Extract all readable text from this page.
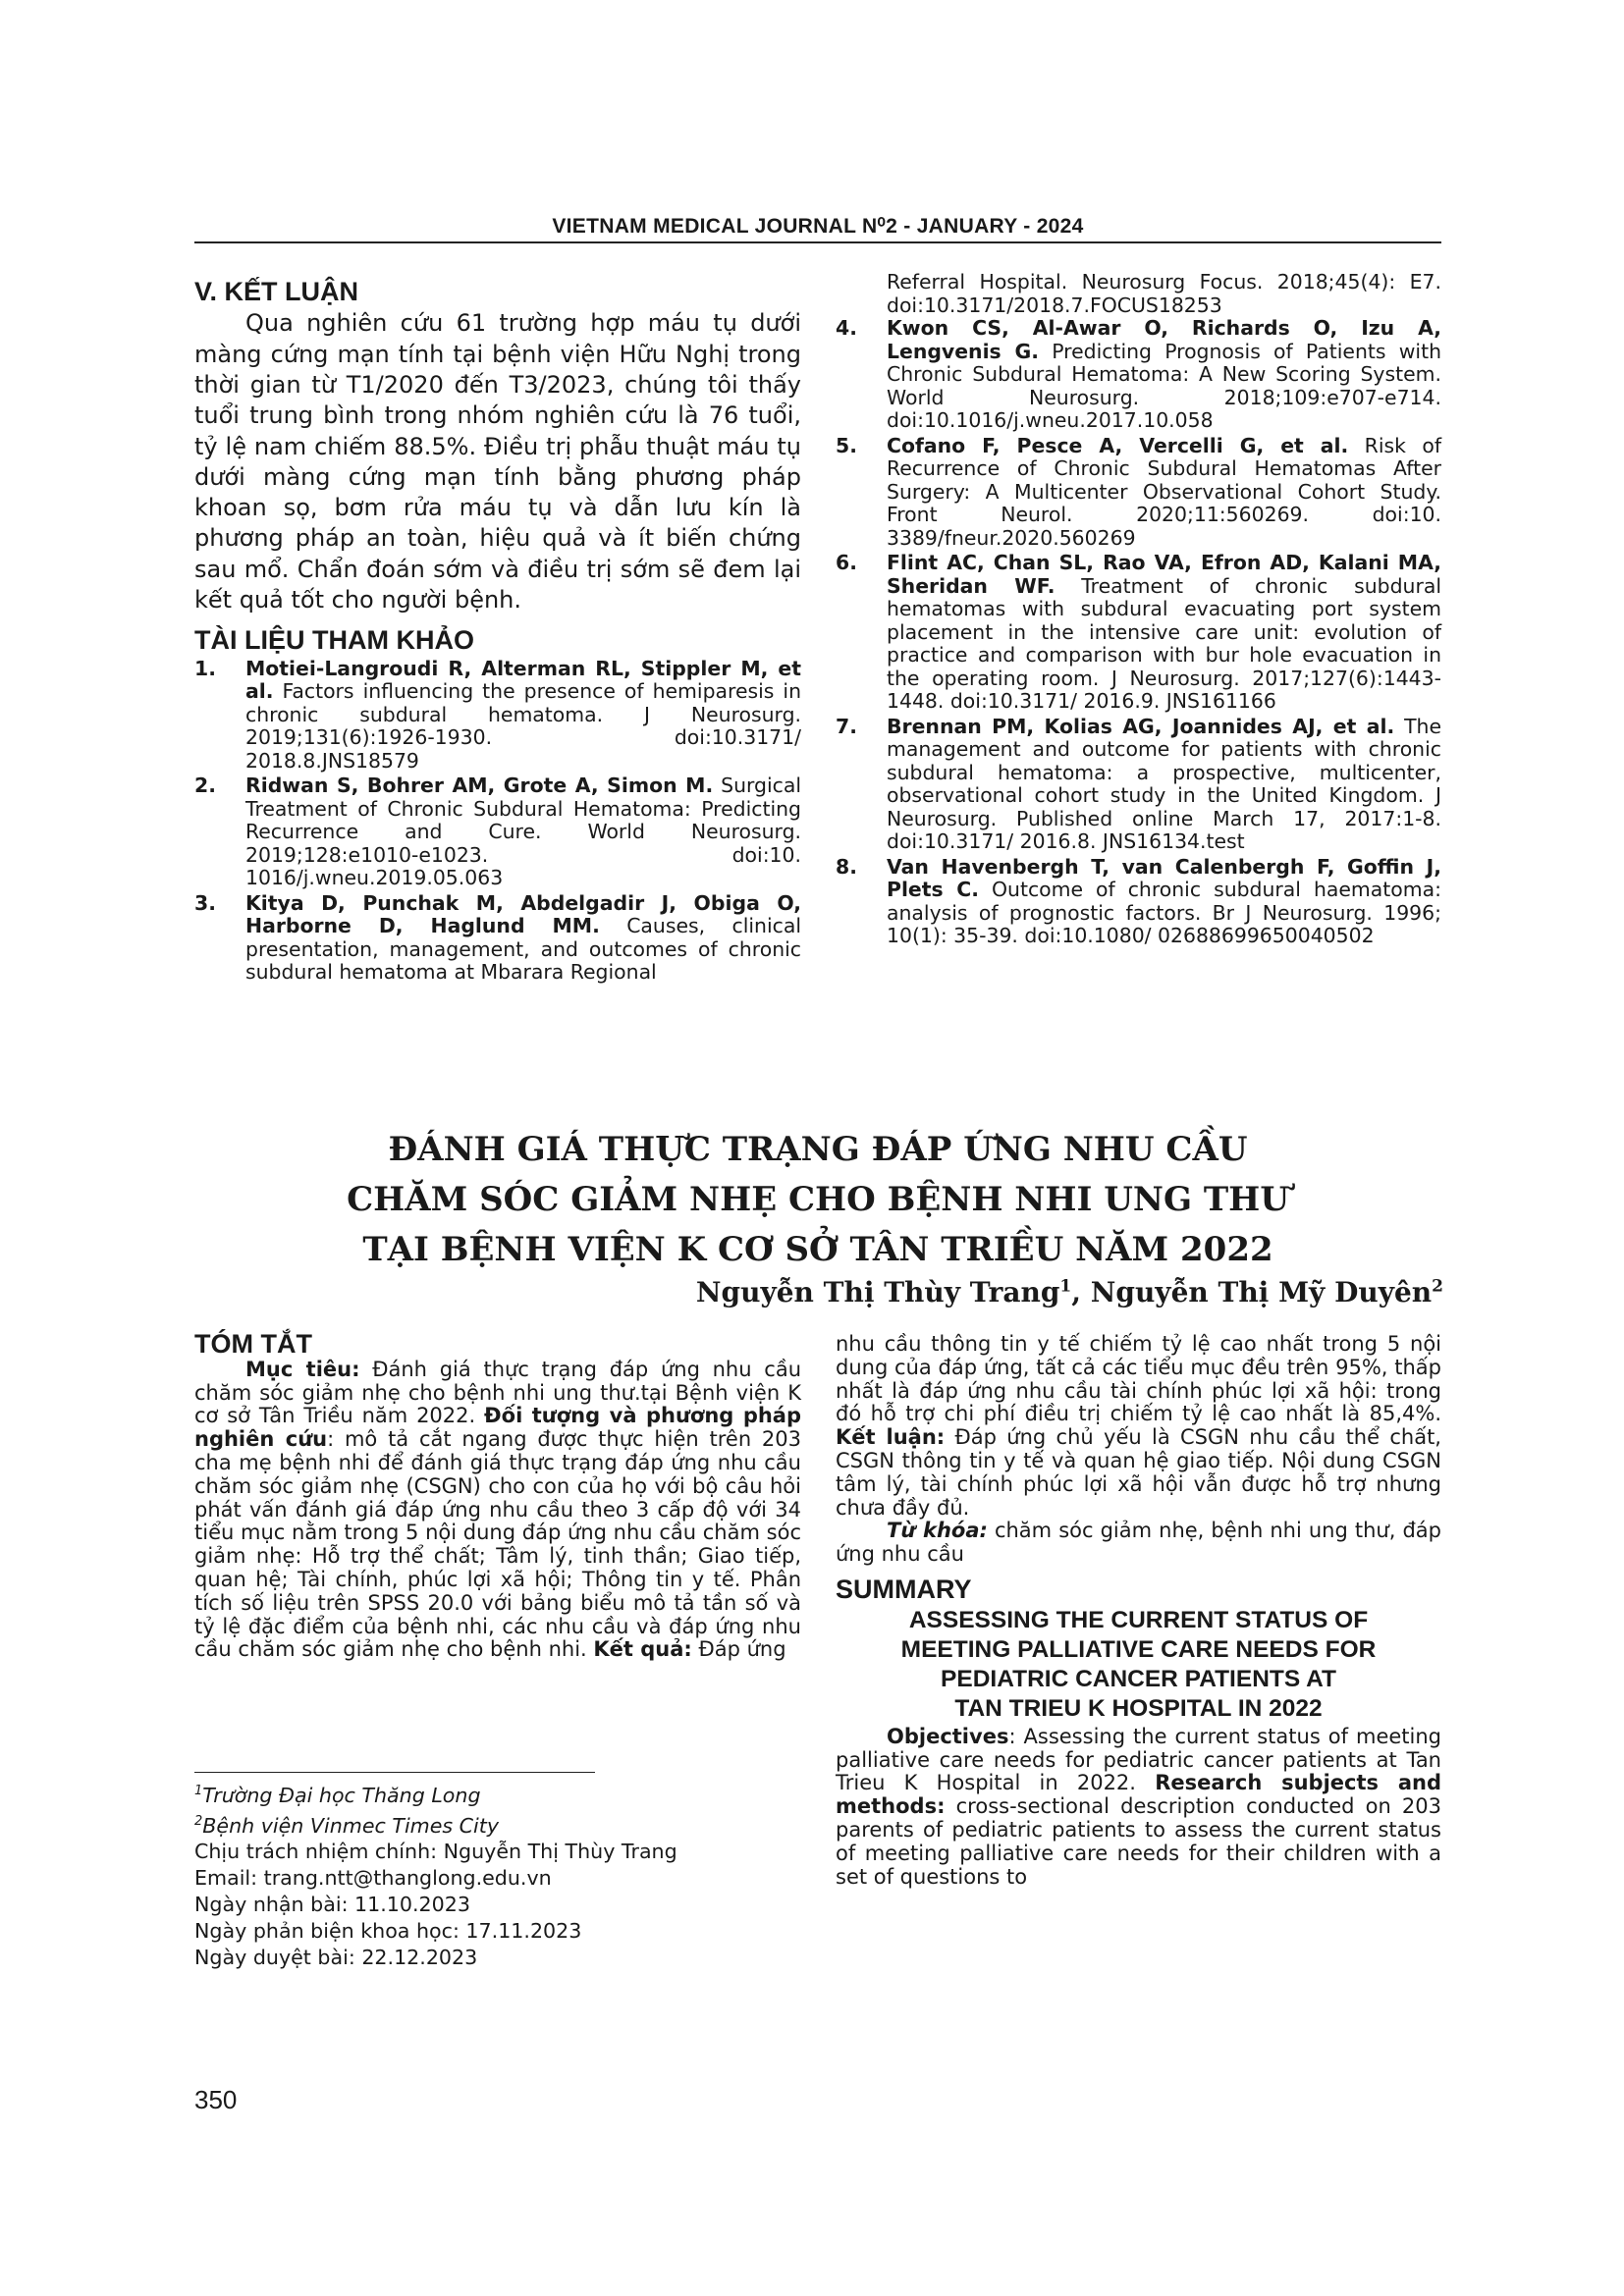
VIETNAM MEDICAL JOURNAL N⁰2 - JANUARY - 2024
V. KẾT LUẬN

Qua nghiên cứu 61 trường hợp máu tụ dưới màng cứng mạn tính tại bệnh viện Hữu Nghị trong thời gian từ T1/2020 đến T3/2023, chúng tôi thấy tuổi trung bình trong nhóm nghiên cứu là 76 tuổi, tỷ lệ nam chiếm 88.5%. Điều trị phẫu thuật máu tụ dưới màng cứng mạn tính bằng phương pháp khoan sọ, bơm rửa máu tụ và dẫn lưu kín là phương pháp an toàn, hiệu quả và ít biến chứng sau mổ. Chẩn đoán sớm và điều trị sớm sẽ đem lại kết quả tốt cho người bệnh.

TÀI LIỆU THAM KHẢO
1. Motiei-Langroudi R, Alterman RL, Stippler M, et al. Factors influencing the presence of hemiparesis in chronic subdural hematoma. J Neurosurg. 2019;131(6):1926-1930. doi:10.3171/ 2018.8.JNS18579
2. Ridwan S, Bohrer AM, Grote A, Simon M. Surgical Treatment of Chronic Subdural Hematoma: Predicting Recurrence and Cure. World Neurosurg. 2019;128:e1010-e1023. doi:10. 1016/j.wneu.2019.05.063
3. Kitya D, Punchak M, Abdelgadir J, Obiga O, Harborne D, Haglund MM. Causes, clinical presentation, management, and outcomes of chronic subdural hematoma at Mbarara Regional
Referral Hospital. Neurosurg Focus. 2018;45(4): E7. doi:10.3171/2018.7.FOCUS18253
4. Kwon CS, Al-Awar O, Richards O, Izu A, Lengvenis G. Predicting Prognosis of Patients with Chronic Subdural Hematoma: A New Scoring System. World Neurosurg. 2018;109:e707-e714. doi:10.1016/j.wneu.2017.10.058
5. Cofano F, Pesce A, Vercelli G, et al. Risk of Recurrence of Chronic Subdural Hematomas After Surgery: A Multicenter Observational Cohort Study. Front Neurol. 2020;11:560269. doi:10. 3389/fneur.2020.560269
6. Flint AC, Chan SL, Rao VA, Efron AD, Kalani MA, Sheridan WF. Treatment of chronic subdural hematomas with subdural evacuating port system placement in the intensive care unit: evolution of practice and comparison with bur hole evacuation in the operating room. J Neurosurg. 2017;127(6):1443-1448. doi:10.3171/ 2016.9. JNS161166
7. Brennan PM, Kolias AG, Joannides AJ, et al. The management and outcome for patients with chronic subdural hematoma: a prospective, multicenter, observational cohort study in the United Kingdom. J Neurosurg. Published online March 17, 2017:1-8. doi:10.3171/ 2016.8. JNS16134.test
8. Van Havenbergh T, van Calenbergh F, Goffin J, Plets C. Outcome of chronic subdural haematoma: analysis of prognostic factors. Br J Neurosurg. 1996; 10(1): 35-39. doi:10.1080/ 02688699650040502
ĐÁNH GIÁ THỰC TRẠNG ĐÁP ỨNG NHU CẦU
CHĂM SÓC GIẢM NHẸ CHO BỆNH NHI UNG THƯ
TẠI BỆNH VIỆN K CƠ SỞ TÂN TRIỀU NĂM 2022
Nguyễn Thị Thùy Trang$^1$, Nguyễn Thị Mỹ Duyên$^2$
TÓM TẮT

Mục tiêu: Đánh giá thực trạng đáp ứng nhu cầu chăm sóc giảm nhẹ cho bệnh nhi ung thư.tại Bệnh viện K cơ sở Tân Triều năm 2022. Đối tượng và phương pháp nghiên cứu: mô tả cắt ngang được thực hiện trên 203 cha mẹ bệnh nhi để đánh giá thực trạng đáp ứng nhu cầu chăm sóc giảm nhẹ (CSGN) cho con của họ với bộ câu hỏi phát vấn đánh giá đáp ứng nhu cầu theo 3 cấp độ với 34 tiểu mục nằm trong 5 nội dung đáp ứng nhu cầu chăm sóc giảm nhẹ: Hỗ trợ thể chất; Tâm lý, tinh thần; Giao tiếp, quan hệ; Tài chính, phúc lợi xã hội; Thông tin y tế. Phân tích số liệu trên SPSS 20.0 với bảng biểu mô tả tần số và tỷ lệ đặc điểm của bệnh nhi, các nhu cầu và đáp ứng nhu cầu chăm sóc giảm nhẹ cho bệnh nhi. Kết quả: Đáp ứng

nhu cầu thông tin y tế chiếm tỷ lệ cao nhất trong 5 nội dung của đáp ứng, tất cả các tiểu mục đều trên 95%, thấp nhất là đáp ứng nhu cầu tài chính phúc lợi xã hội: trong đó hỗ trợ chi phí điều trị chiếm tỷ lệ cao nhất là 85,4%. Kết luận: Đáp ứng chủ yếu là CSGN nhu cầu thể chất, CSGN thông tin y tế và quan hệ giao tiếp. Nội dung CSGN tâm lý, tài chính phúc lợi xã hội vẫn được hỗ trợ nhưng chưa đầy đủ.

Từ khóa: chăm sóc giảm nhẹ, bệnh nhi ung thư, đáp ứng nhu cầu

SUMMARY
ASSESSING THE CURRENT STATUS OF
MEETING PALLIATIVE CARE NEEDS FOR
PEDIATRIC CANCER PATIENTS AT
TAN TRIEU K HOSPITAL IN 2022

Objectives: Assessing the current status of meeting palliative care needs for pediatric cancer patients at Tan Trieu K Hospital in 2022. Research subjects and methods: cross-sectional description conducted on 203 parents of pediatric patients to assess the current status of meeting palliative care needs for their children with a set of questions to

$^1$Trường Đại học Thăng Long
$^2$Bệnh viện Vinmec Times City
Chịu trách nhiệm chính: Nguyễn Thị Thùy Trang
Email: trang.ntt@thanglong.edu.vn
Ngày nhận bài: 11.10.2023
Ngày phản biện khoa học: 17.11.2023
Ngày duyệt bài: 22.12.2023
350
